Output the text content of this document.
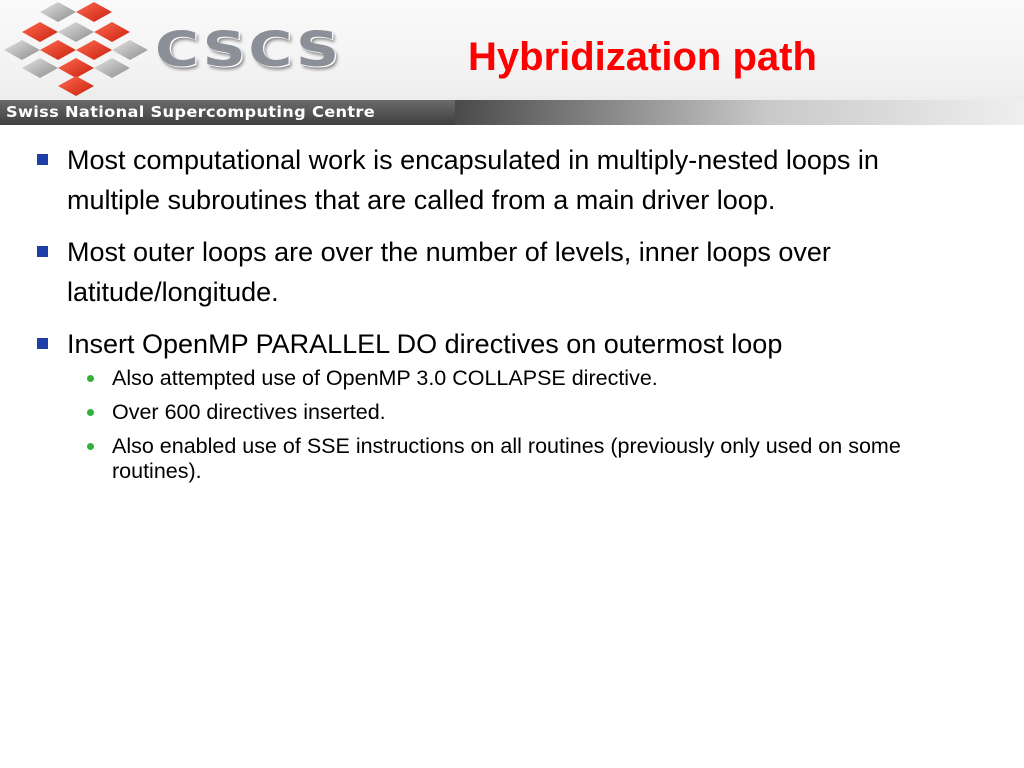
CSCS	Hybridization path
Swiss National Supercomputing Centre
Most computational work is encapsulated in multiply-nested loops in multiple subroutines that are called from a main driver loop.
Most outer loops are over the number of levels, inner loops over latitude/longitude.
Insert OpenMP PARALLEL DO directives on outermost loop
Also attempted use of OpenMP 3.0 COLLAPSE directive.
Over 600 directives inserted.
Also enabled use of SSE instructions on all routines (previously only used on some routines).
